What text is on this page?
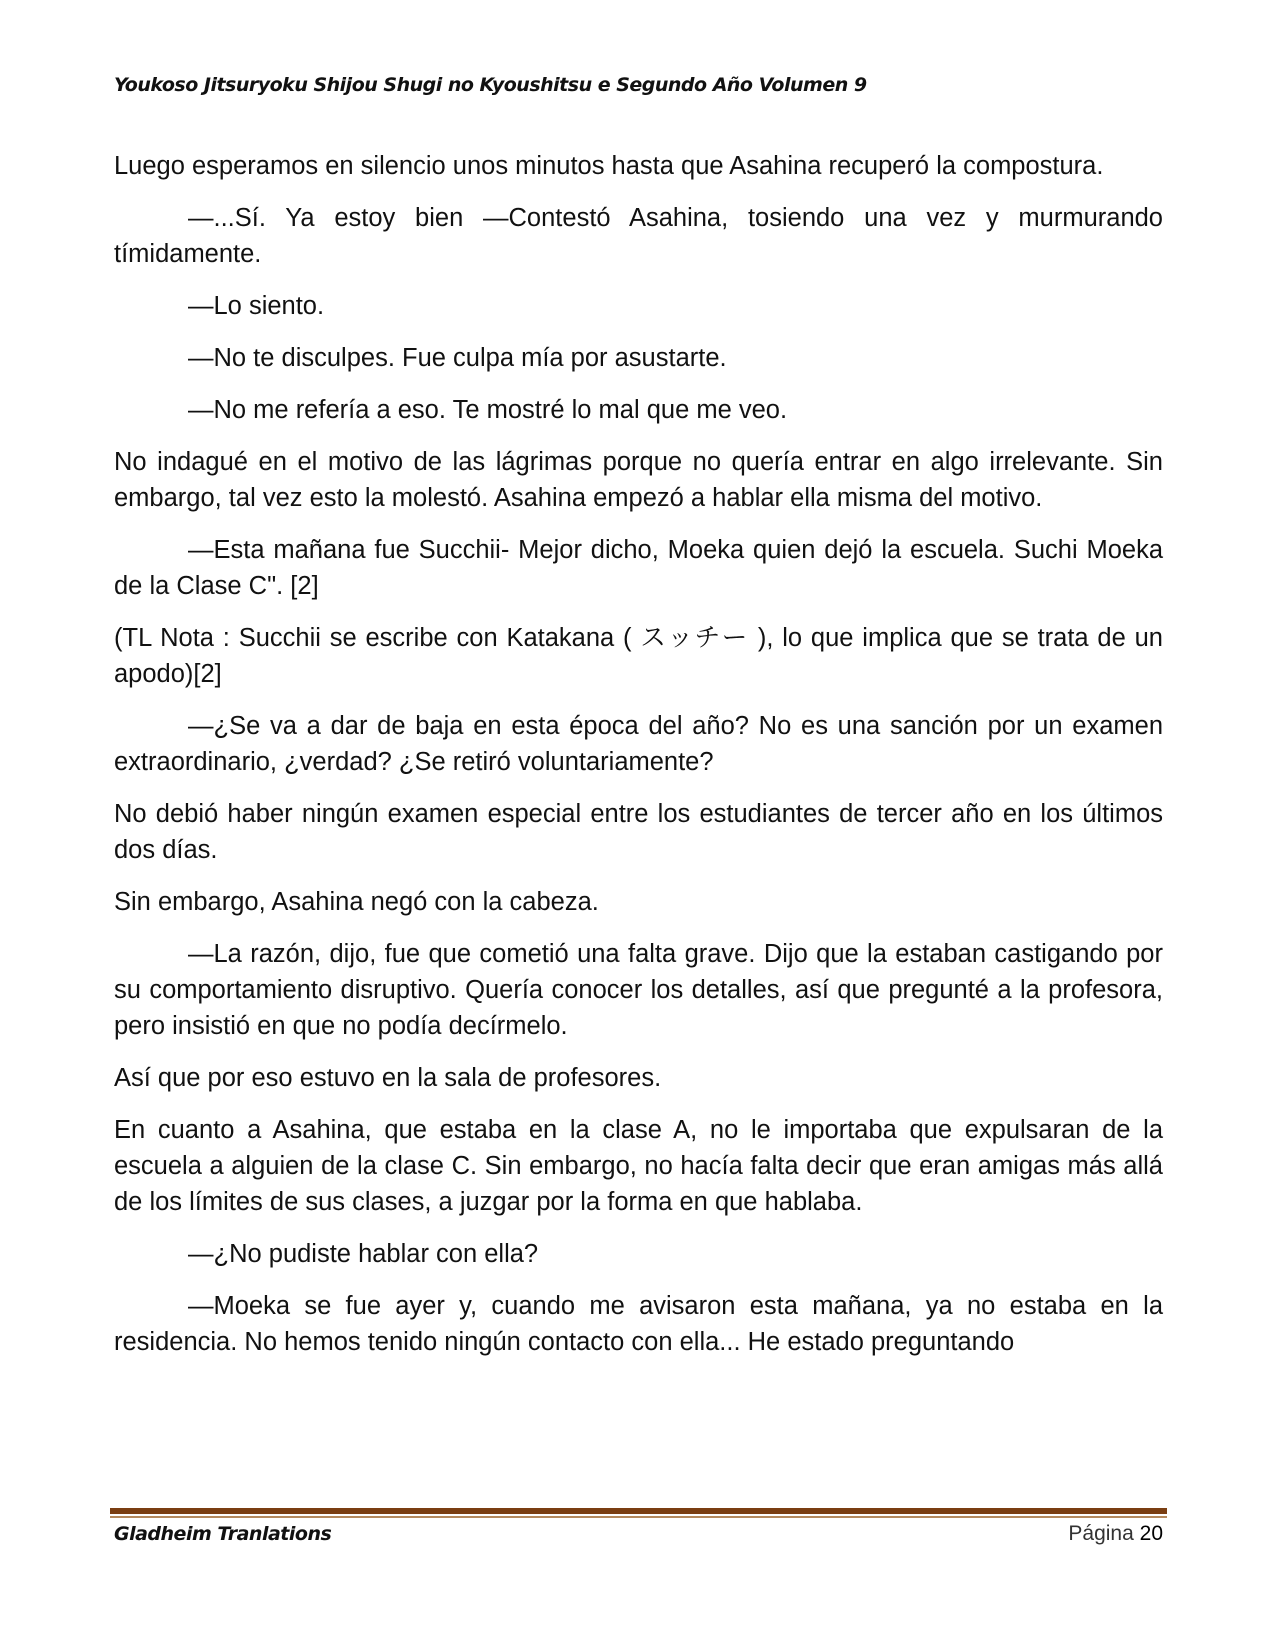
Youkoso Jitsuryoku Shijou Shugi no Kyoushitsu e Segundo Año Volumen 9

Luego esperamos en silencio unos minutos hasta que Asahina recuperó la compostura.

—...Sí. Ya estoy bien —Contestó Asahina, tosiendo una vez y murmurando tímidamente.

—Lo siento.

—No te disculpes. Fue culpa mía por asustarte.

—No me refería a eso. Te mostré lo mal que me veo.

No indagué en el motivo de las lágrimas porque no quería entrar en algo irrelevante. Sin embargo, tal vez esto la molestó. Asahina empezó a hablar ella misma del motivo.

—Esta mañana fue Succhii- Mejor dicho, Moeka quien dejó la escuela. Suchi Moeka de la Clase C". [2]

(TL Nota : Succhii se escribe con Katakana ( スッチー ), lo que implica que se trata de un apodo)[2]

—¿Se va a dar de baja en esta época del año? No es una sanción por un examen extraordinario, ¿verdad? ¿Se retiró voluntariamente?

No debió haber ningún examen especial entre los estudiantes de tercer año en los últimos dos días.

Sin embargo, Asahina negó con la cabeza.

—La razón, dijo, fue que cometió una falta grave. Dijo que la estaban castigando por su comportamiento disruptivo. Quería conocer los detalles, así que pregunté a la profesora, pero insistió en que no podía decírmelo.

Así que por eso estuvo en la sala de profesores.

En cuanto a Asahina, que estaba en la clase A, no le importaba que expulsaran de la escuela a alguien de la clase C. Sin embargo, no hacía falta decir que eran amigas más allá de los límites de sus clases, a juzgar por la forma en que hablaba.

—¿No pudiste hablar con ella?

—Moeka se fue ayer y, cuando me avisaron esta mañana, ya no estaba en la residencia. No hemos tenido ningún contacto con ella... He estado preguntando

Gladheim Tranlations	Página 20
